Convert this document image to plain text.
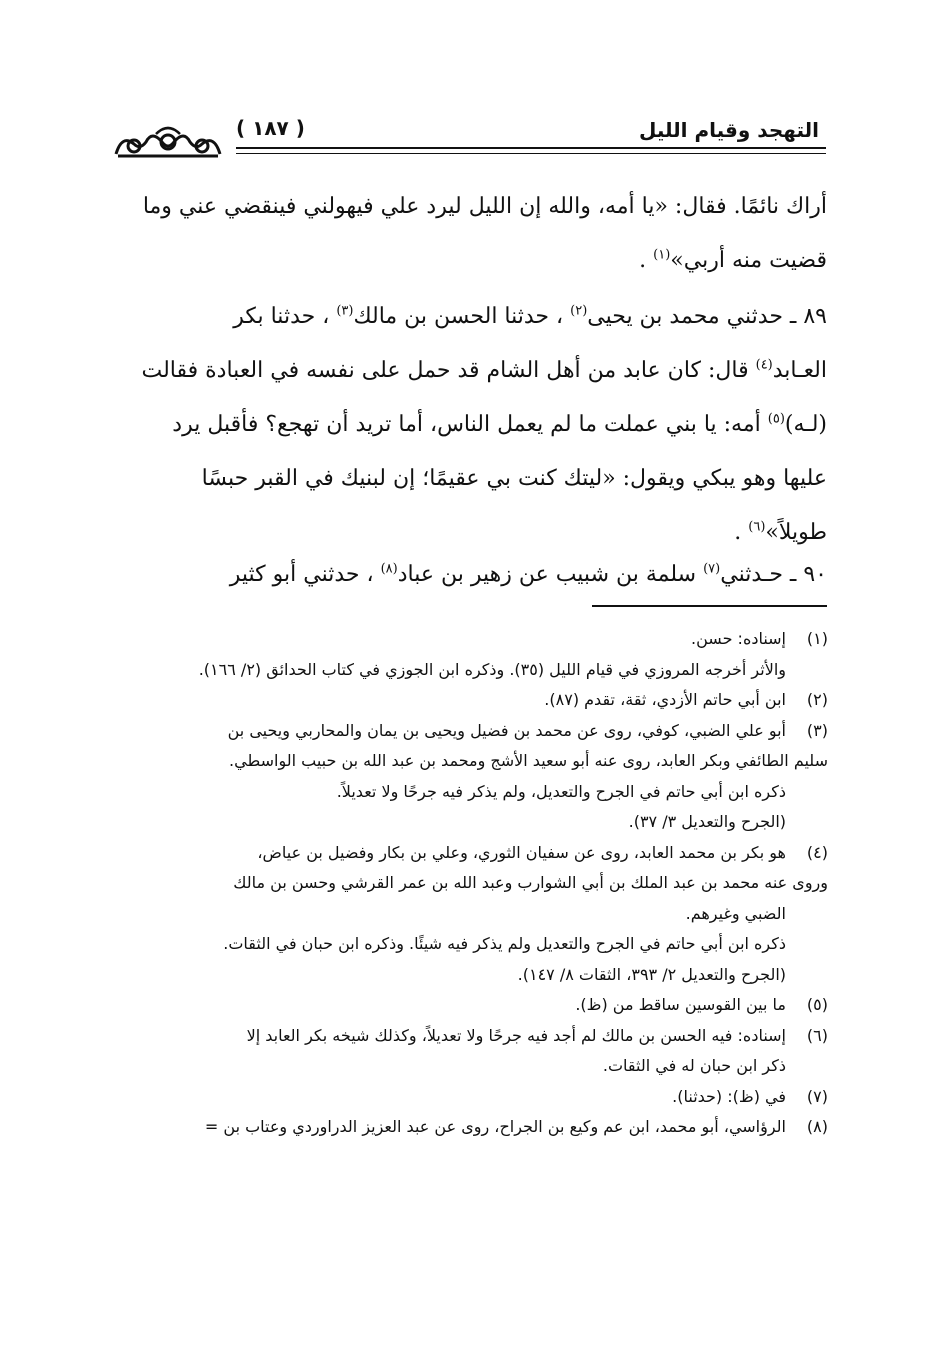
التهجد وقيام الليل
( ١٨٧ )

أراك نائمًا. فقال: «يا أمه، والله إن الليل ليرد علي فيهولني فينقضي عني وما

قضيت منه أربي»$^{(١)}$ .

٨٩ ـ حدثني محمد بن يحيى$^{(٢)}$ ، حدثنا الحسن بن مالك$^{(٣)}$ ، حدثنا بكر

العـابد$^{(٤)}$ قال: كان عابد من أهل الشام قد حمل على نفسه في العبادة فقالت

(لـه)$^{(٥)}$ أمه: يا بني عملت ما لم يعمل الناس، أما تريد أن تهجع؟ فأقبل يرد

عليها وهو يبكي ويقول: «ليتك كنت بي عقيمًا؛ إن لبنيك في القبر حبسًا

طويلاً»$^{(٦)}$ .

٩٠ ـ حـدثني$^{(٧)}$ سلمة بن شبيب عن زهير بن عباد$^{(٨)}$ ، حدثني أبو كثير

(١)
إسناده: حسن.
والأثر أخرجه المروزي في قيام الليل (٣٥). وذكره ابن الجوزي في كتاب الحدائق (٢/ ١٦٦).
(٢)
ابن أبي حاتم الأزدي، ثقة، تقدم (٨٧).
(٣)
أبو علي الضبي، كوفي، روى عن محمد بن فضيل ويحيى بن يمان والمحاربي ويحيى بن
سليم الطائفي وبكر العابد، روى عنه أبو سعيد الأشج ومحمد بن عبد الله بن حبيب الواسطي.
ذكره ابن أبي حاتم في الجرح والتعديل، ولم يذكر فيه جرحًا ولا تعديلاً.
(الجرح والتعديل ٣/ ٣٧).
(٤)
هو بكر بن محمد العابد، روى عن سفيان الثوري، وعلي بن بكار وفضيل بن عياض،
وروى عنه محمد بن عبد الملك بن أبي الشوارب وعبد الله بن عمر القرشي وحسن بن مالك
الضبي وغيرهم.
ذكره ابن أبي حاتم في الجرح والتعديل ولم يذكر فيه شيئًا. وذكره ابن حبان في الثقات.
(الجرح والتعديل ٢/ ٣٩٣، الثقات ٨/ ١٤٧).
(٥)
ما بين القوسين ساقط من (ظ).
(٦)
إسناده: فيه الحسن بن مالك لم أجد فيه جرحًا ولا تعديلاً، وكذلك شيخه بكر العابد إلا
ذكر ابن حبان له في الثقات.
(٧)
في (ظ): (حدثنا).
(٨)
الرؤاسي، أبو محمد، ابن عم وكيع بن الجراح، روى عن عبد العزيز الدراوردي وعتاب بن =
